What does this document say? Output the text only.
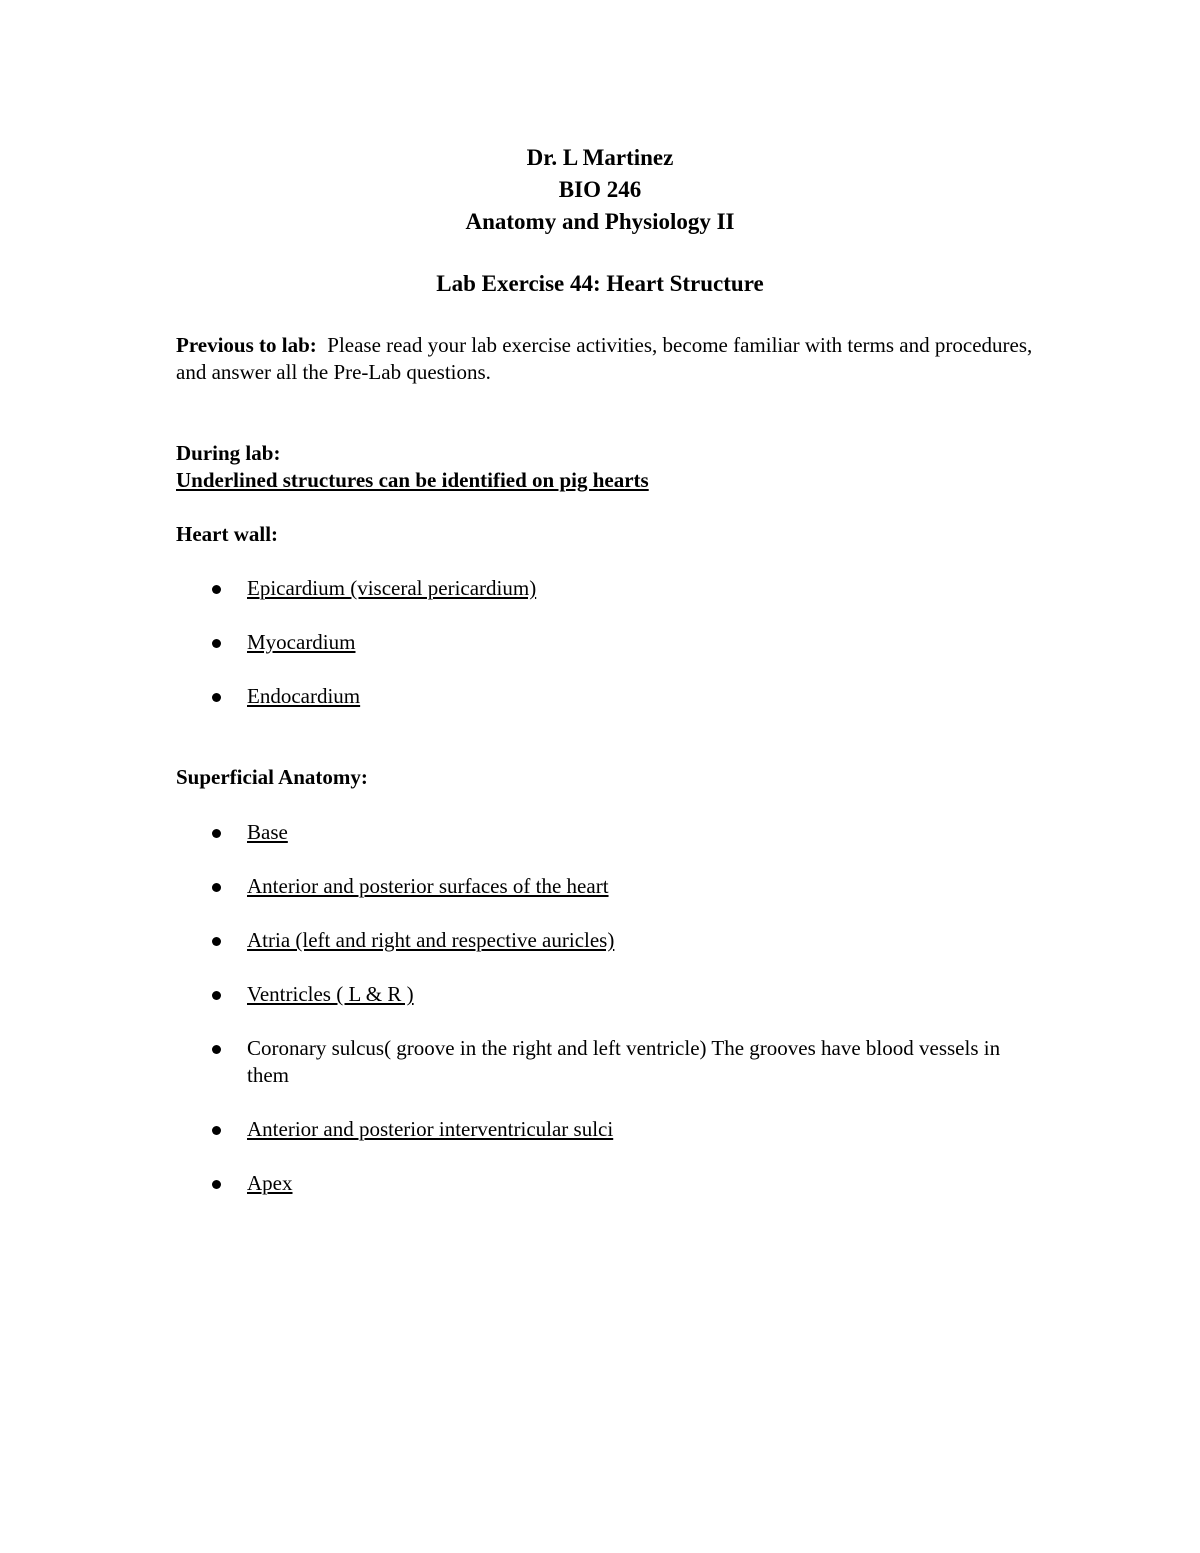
Dr. L Martinez
BIO 246
Anatomy and Physiology II
Lab Exercise 44: Heart Structure
Previous to lab: Please read your lab exercise activities, become familiar with terms and procedures, and answer all the Pre-Lab questions.
During lab:
Underlined structures can be identified on pig hearts
Heart wall:
Epicardium (visceral pericardium)
Myocardium
Endocardium
Superficial Anatomy:
Base
Anterior and posterior surfaces of the heart
Atria (left and right and respective auricles)
Ventricles ( L & R )
Coronary sulcus( groove in the right and left ventricle) The grooves have blood vessels in them
Anterior and posterior interventricular sulci
Apex
